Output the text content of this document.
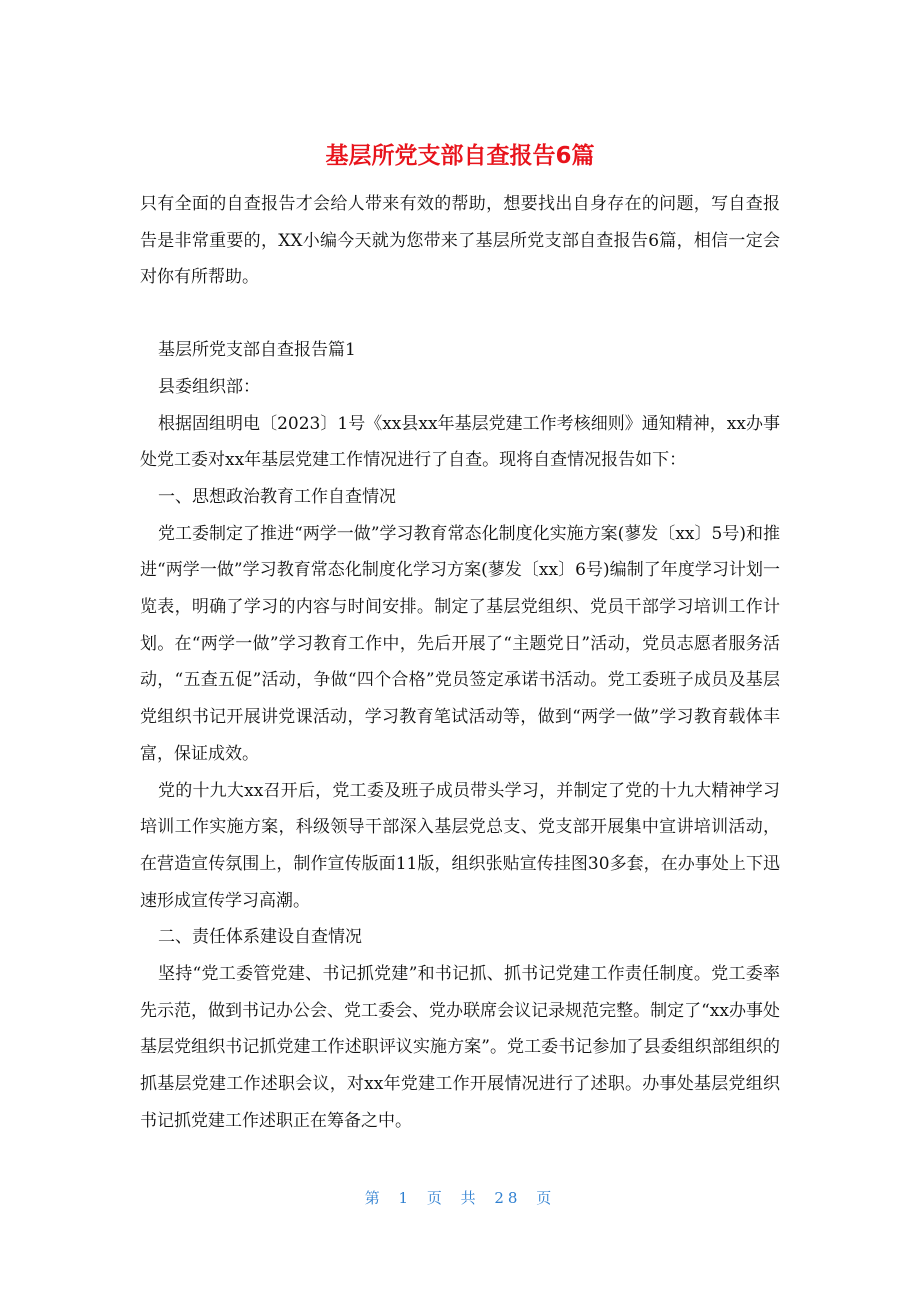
基层所党支部自查报告6篇

只有全面的自查报告才会给人带来有效的帮助，想要找出自身存在的问题，写自查报告是非常重要的，XX小编今天就为您带来了基层所党支部自查报告6篇，相信一定会对你有所帮助。

基层所党支部自查报告篇1

县委组织部：

根据固组明电〔2023〕1号《xx县xx年基层党建工作考核细则》通知精神，xx办事处党工委对xx年基层党建工作情况进行了自查。现将自查情况报告如下：

一、思想政治教育工作自查情况

党工委制定了推进“两学一做”学习教育常态化制度化实施方案(蓼发〔xx〕5号)和推进“两学一做”学习教育常态化制度化学习方案(蓼发〔xx〕6号)编制了年度学习计划一览表，明确了学习的内容与时间安排。制定了基层党组织、党员干部学习培训工作计划。在“两学一做”学习教育工作中，先后开展了“主题党日”活动，党员志愿者服务活动，“五查五促”活动，争做“四个合格”党员签定承诺书活动。党工委班子成员及基层党组织书记开展讲党课活动，学习教育笔试活动等，做到“两学一做”学习教育载体丰富，保证成效。

党的十九大xx召开后，党工委及班子成员带头学习，并制定了党的十九大精神学习培训工作实施方案，科级领导干部深入基层党总支、党支部开展集中宣讲培训活动，在营造宣传氛围上，制作宣传版面11版，组织张贴宣传挂图30多套，在办事处上下迅速形成宣传学习高潮。

二、责任体系建设自查情况

坚持“党工委管党建、书记抓党建”和书记抓、抓书记党建工作责任制度。党工委率先示范，做到书记办公会、党工委会、党办联席会议记录规范完整。制定了“xx办事处基层党组织书记抓党建工作述职评议实施方案”。党工委书记参加了县委组织部组织的抓基层党建工作述职会议，对xx年党建工作开展情况进行了述职。办事处基层党组织书记抓党建工作述职正在筹备之中。

第 1 页 共 28 页
